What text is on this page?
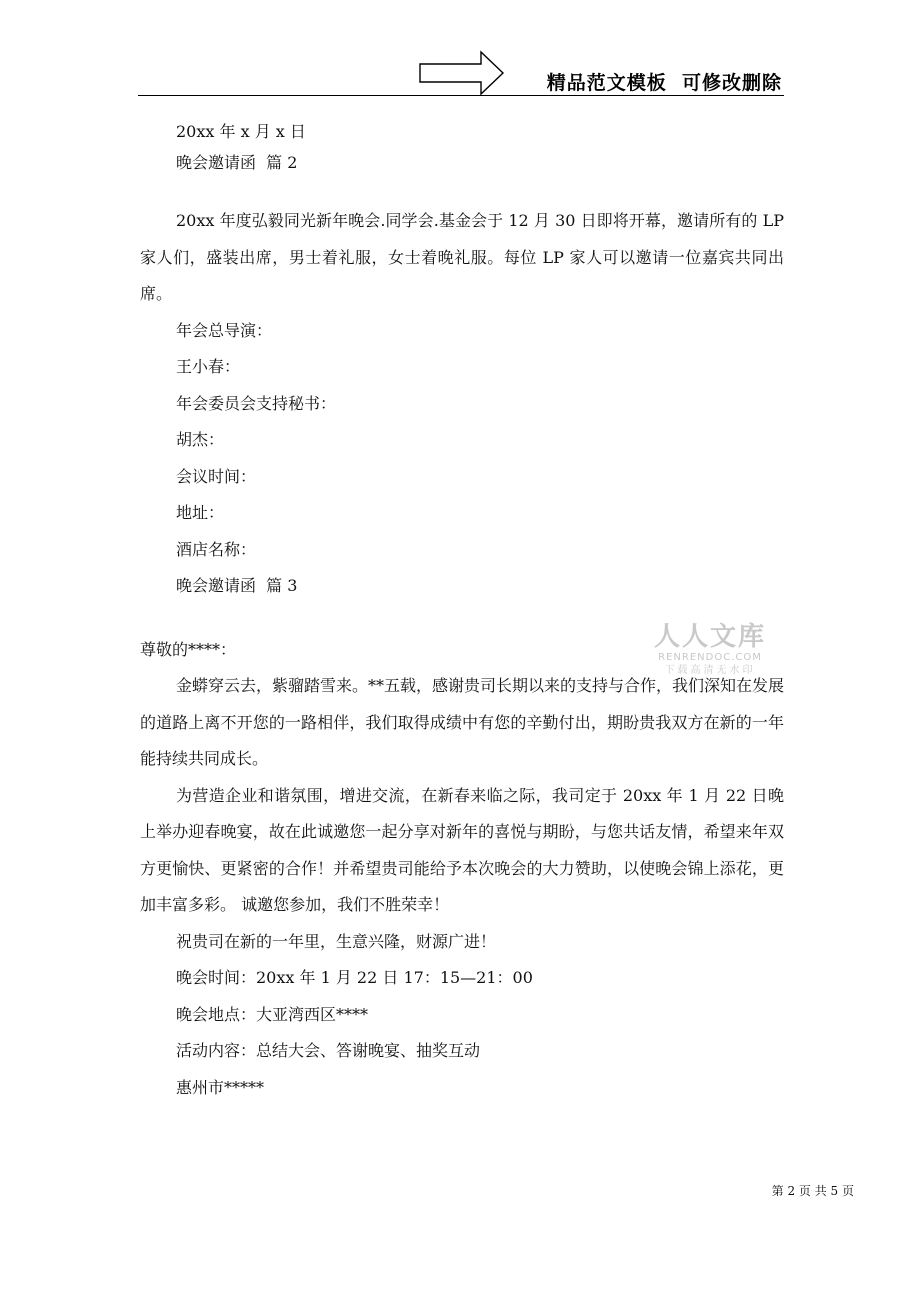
精品范文模板  可修改删除
20xx 年 x 月 x 日
晚会邀请函  篇 2
20xx 年度弘毅同光新年晚会.同学会.基金会于 12 月 30 日即将开幕，邀请所有的 LP 家人们，盛装出席，男士着礼服，女士着晚礼服。每位 LP 家人可以邀请一位嘉宾共同出席。
年会总导演：
王小春：
年会委员会支持秘书：
胡杰：
会议时间：
地址：
酒店名称：
晚会邀请函  篇 3
尊敬的****：
金蟒穿云去，紫骝踏雪来。**五载，感谢贵司长期以来的支持与合作，我们深知在发展的道路上离不开您的一路相伴，我们取得成绩中有您的辛勤付出，期盼贵我双方在新的一年能持续共同成长。
为营造企业和谐氛围，增进交流，在新春来临之际，我司定于 20xx 年 1 月 22 日晚上举办迎春晚宴，故在此诚邀您一起分享对新年的喜悦与期盼，与您共话友情，希望来年双方更愉快、更紧密的合作！并希望贵司能给予本次晚会的大力赞助，以使晚会锦上添花，更加丰富多彩。 诚邀您参加，我们不胜荣幸！
祝贵司在新的一年里，生意兴隆，财源广进！
晚会时间：20xx 年 1 月 22 日 17：15—21：00
晚会地点：大亚湾西区****
活动内容：总结大会、答谢晚宴、抽奖互动
惠州市*****
人人文库
RENRENDOC.COM
下载高清无水印
第 2 页 共 5 页
